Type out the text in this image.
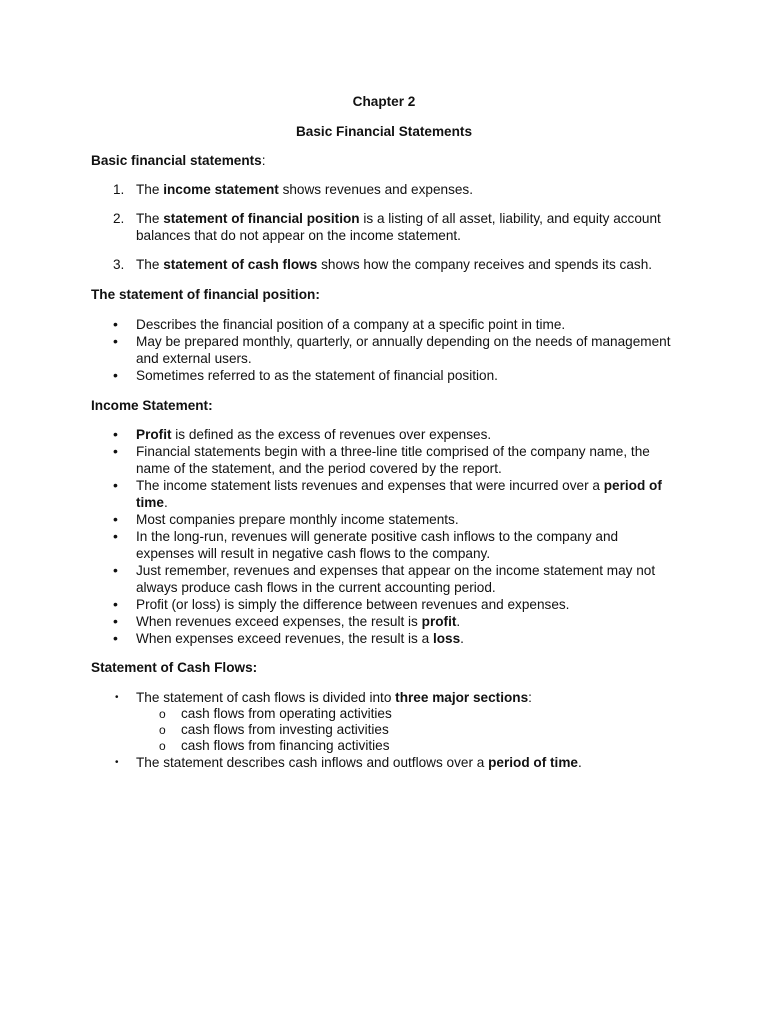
Chapter 2
Basic Financial Statements
Basic financial statements:
1. The income statement shows revenues and expenses.
2. The statement of financial position is a listing of all asset, liability, and equity account balances that do not appear on the income statement.
3. The statement of cash flows shows how the company receives and spends its cash.
The statement of financial position:
• Describes the financial position of a company at a specific point in time.
• May be prepared monthly, quarterly, or annually depending on the needs of management and external users.
• Sometimes referred to as the statement of financial position.
Income Statement:
• Profit is defined as the excess of revenues over expenses.
• Financial statements begin with a three-line title comprised of the company name, the name of the statement, and the period covered by the report.
• The income statement lists revenues and expenses that were incurred over a period of time.
• Most companies prepare monthly income statements.
• In the long-run, revenues will generate positive cash inflows to the company and expenses will result in negative cash flows to the company.
• Just remember, revenues and expenses that appear on the income statement may not always produce cash flows in the current accounting period.
• Profit (or loss) is simply the difference between revenues and expenses.
• When revenues exceed expenses, the result is profit.
• When expenses exceed revenues, the result is a loss.
Statement of Cash Flows:
• The statement of cash flows is divided into three major sections:
o cash flows from operating activities
o cash flows from investing activities
o cash flows from financing activities
• The statement describes cash inflows and outflows over a period of time.
